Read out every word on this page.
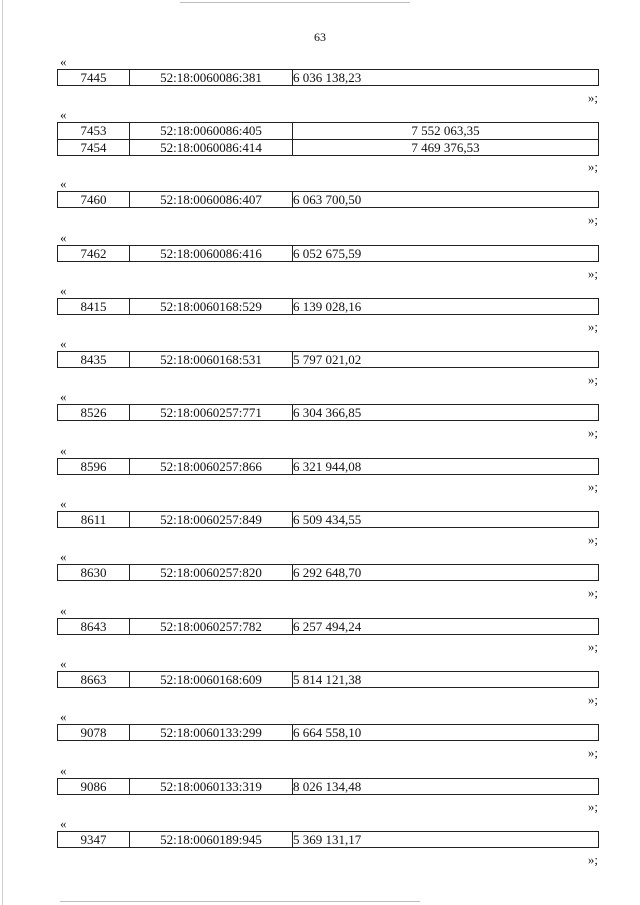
63
«
7445	52:18:0060086:381	6 036 138,23
»;
«
7453	52:18:0060086:405	7 552 063,35
7454	52:18:0060086:414	7 469 376,53
»;
«
7460	52:18:0060086:407	6 063 700,50
»;
«
7462	52:18:0060086:416	6 052 675,59
»;
«
8415	52:18:0060168:529	6 139 028,16
»;
«
8435	52:18:0060168:531	5 797 021,02
»;
«
8526	52:18:0060257:771	6 304 366,85
»;
«
8596	52:18:0060257:866	6 321 944,08
»;
«
8611	52:18:0060257:849	6 509 434,55
»;
«
8630	52:18:0060257:820	6 292 648,70
»;
«
8643	52:18:0060257:782	6 257 494,24
»;
«
8663	52:18:0060168:609	5 814 121,38
»;
«
9078	52:18:0060133:299	6 664 558,10
»;
«
9086	52:18:0060133:319	8 026 134,48
»;
«
9347	52:18:0060189:945	5 369 131,17
»;
